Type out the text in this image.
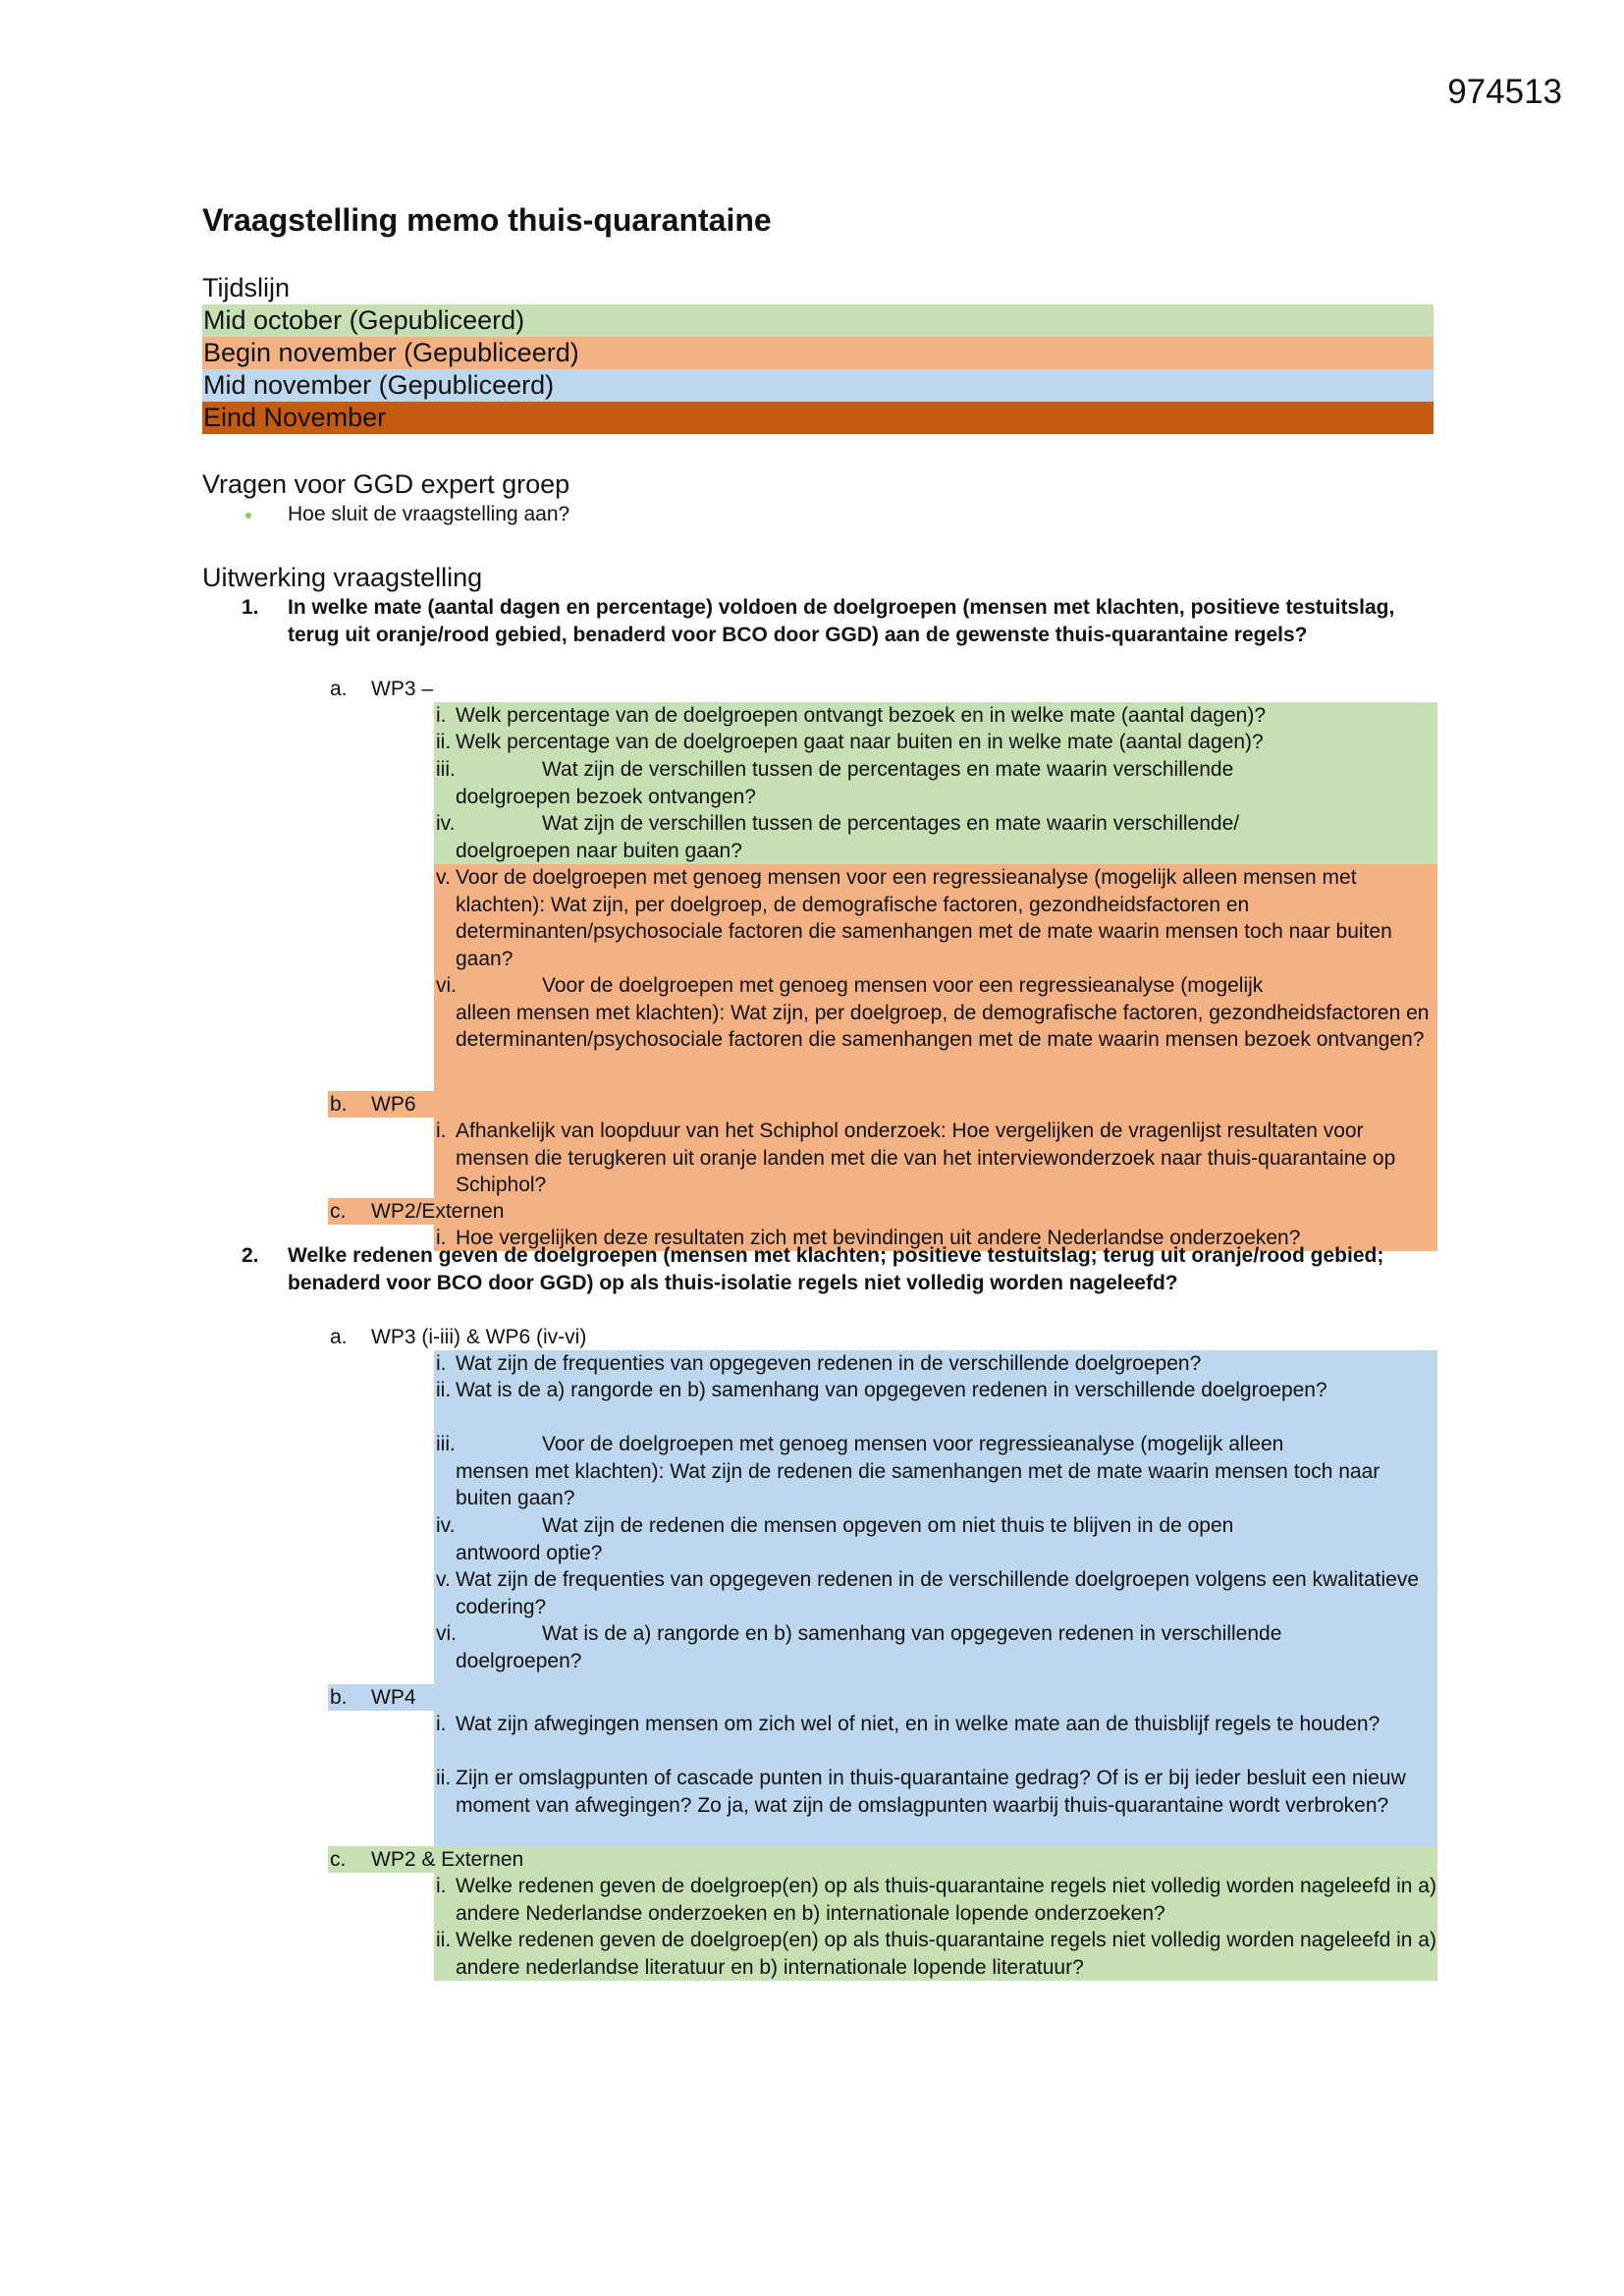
974513
Vraagstelling memo thuis-quarantaine
Tijdslijn
Mid october (Gepubliceerd)
Begin november (Gepubliceerd)
Mid november (Gepubliceerd)
Eind November
Vragen voor GGD expert groep
Hoe sluit de vraagstelling aan?
Uitwerking vraagstelling
1. In welke mate (aantal dagen en percentage) voldoen de doelgroepen (mensen met klachten, positieve testuitslag, terug uit oranje/rood gebied, benaderd voor BCO door GGD) aan de gewenste thuis-quarantaine regels?
a. WP3 –
i. Welk percentage van de doelgroepen ontvangt bezoek en in welke mate (aantal dagen)?
ii. Welk percentage van de doelgroepen gaat naar buiten en in welke mate (aantal dagen)?
iii.	Wat zijn de verschillen tussen de percentages en mate waarin verschillende
doelgroepen bezoek ontvangen?
iv.	Wat zijn de verschillen tussen de percentages en mate waarin verschillende/
doelgroepen naar buiten gaan?
v. Voor de doelgroepen met genoeg mensen voor een regressieanalyse (mogelijk alleen mensen met klachten): Wat zijn, per doelgroep, de demografische factoren, gezondheidsfactoren en determinanten/psychosociale factoren die samenhangen met de mate waarin mensen toch naar buiten gaan?
vi.	Voor de doelgroepen met genoeg mensen voor een regressieanalyse (mogelijk
alleen mensen met klachten): Wat zijn, per doelgroep, de demografische factoren, gezondheidsfactoren en determinanten/psychosociale factoren die samenhangen met de mate waarin mensen bezoek ontvangen?
b. WP6
i. Afhankelijk van loopduur van het Schiphol onderzoek: Hoe vergelijken de vragenlijst resultaten voor mensen die terugkeren uit oranje landen met die van het interviewonderzoek naar thuis-quarantaine op Schiphol?
c. WP2/Externen
i. Hoe vergelijken deze resultaten zich met bevindingen uit andere Nederlandse onderzoeken?
2. Welke redenen geven de doelgroepen (mensen met klachten; positieve testuitslag; terug uit oranje/rood gebied; benaderd voor BCO door GGD) op als thuis-isolatie regels niet volledig worden nageleefd?
a. WP3 (i-iii) & WP6 (iv-vi)
i. Wat zijn de frequenties van opgegeven redenen in de verschillende doelgroepen?
ii. Wat is de a) rangorde en b) samenhang van opgegeven redenen in verschillende doelgroepen?
iii.	Voor de doelgroepen met genoeg mensen voor regressieanalyse (mogelijk alleen
mensen met klachten): Wat zijn de redenen die samenhangen met de mate waarin mensen toch naar buiten gaan?
iv.	Wat zijn de redenen die mensen opgeven om niet thuis te blijven in de open
antwoord optie?
v. Wat zijn de frequenties van opgegeven redenen in de verschillende doelgroepen volgens een kwalitatieve codering?
vi.	Wat is de a) rangorde en b) samenhang van opgegeven redenen in verschillende
doelgroepen?
b. WP4
i. Wat zijn afwegingen mensen om zich wel of niet, en in welke mate aan de thuisblijf regels te houden?
ii. Zijn er omslagpunten of cascade punten in thuis-quarantaine gedrag? Of is er bij ieder besluit een nieuw moment van afwegingen? Zo ja, wat zijn de omslagpunten waarbij thuis-quarantaine wordt verbroken?
c. WP2 & Externen
i. Welke redenen geven de doelgroep(en) op als thuis-quarantaine regels niet volledig worden nageleefd in a) andere Nederlandse onderzoeken en b) internationale lopende onderzoeken?
ii. Welke redenen geven de doelgroep(en) op als thuis-quarantaine regels niet volledig worden nageleefd in a) andere nederlandse literatuur en b) internationale lopende literatuur?
